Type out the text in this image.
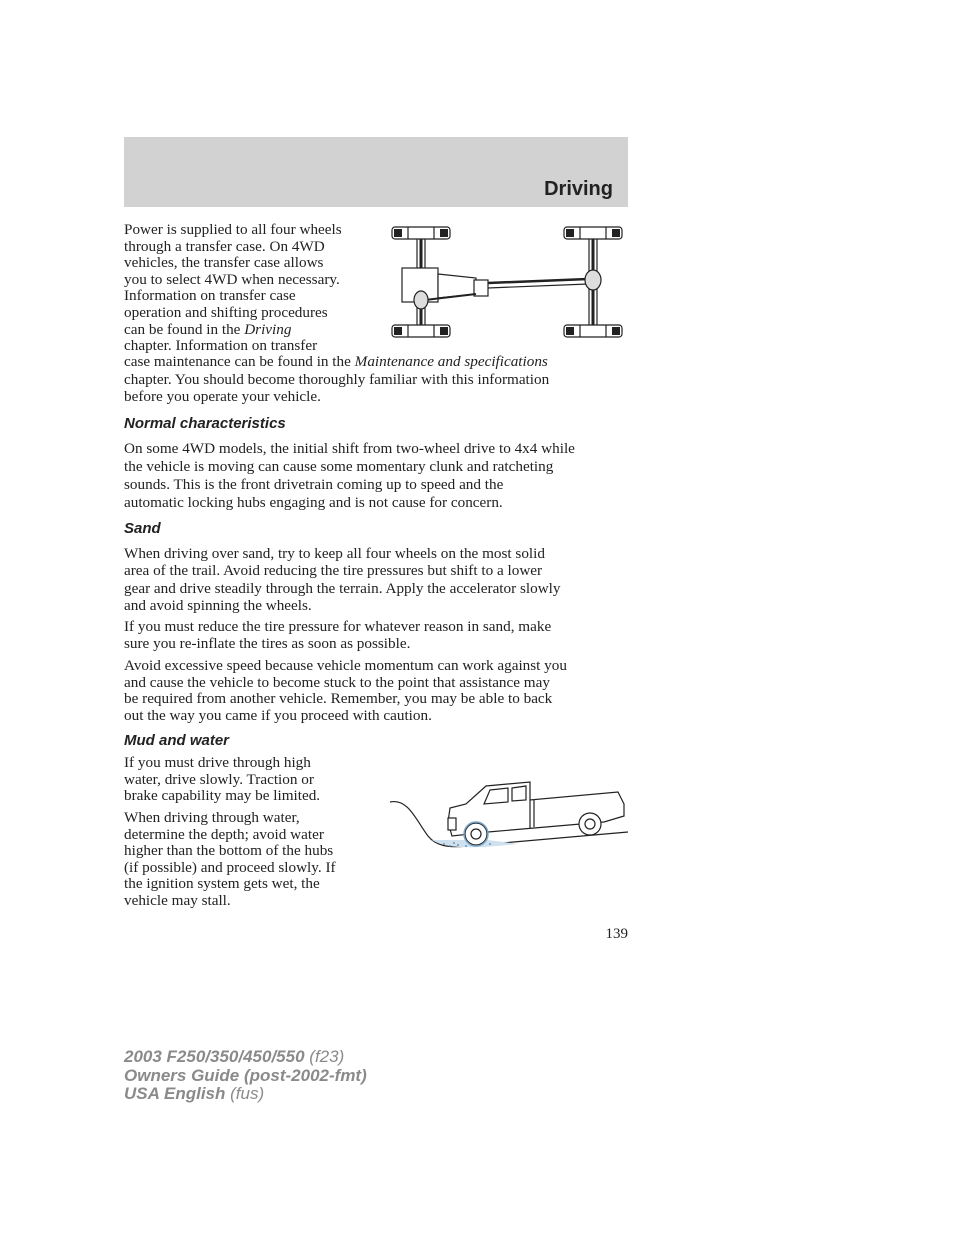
Driving

Power is supplied to all four wheels

through a transfer case. On 4WD

vehicles, the transfer case allows

you to select 4WD when necessary.

Information on transfer case

operation and shifting procedures

can be found in the Driving

chapter. Information on transfer

case maintenance can be found in the Maintenance and specifications

chapter. You should become thoroughly familiar with this information

before you operate your vehicle.

Normal characteristics

On some 4WD models, the initial shift from two-wheel drive to 4x4 while

the vehicle is moving can cause some momentary clunk and ratcheting

sounds. This is the front drivetrain coming up to speed and the

automatic locking hubs engaging and is not cause for concern.

Sand

When driving over sand, try to keep all four wheels on the most solid

area of the trail. Avoid reducing the tire pressures but shift to a lower

gear and drive steadily through the terrain. Apply the accelerator slowly

and avoid spinning the wheels.

If you must reduce the tire pressure for whatever reason in sand, make

sure you re-inflate the tires as soon as possible.

Avoid excessive speed because vehicle momentum can work against you

and cause the vehicle to become stuck to the point that assistance may

be required from another vehicle. Remember, you may be able to back

out the way you came if you proceed with caution.

Mud and water

If you must drive through high

water, drive slowly. Traction or

brake capability may be limited.

When driving through water,

determine the depth; avoid water

higher than the bottom of the hubs

(if possible) and proceed slowly. If

the ignition system gets wet, the

vehicle may stall.

139
2003 F250/350/450/550 (f23)
Owners Guide (post-2002-fmt)
USA English (fus)
